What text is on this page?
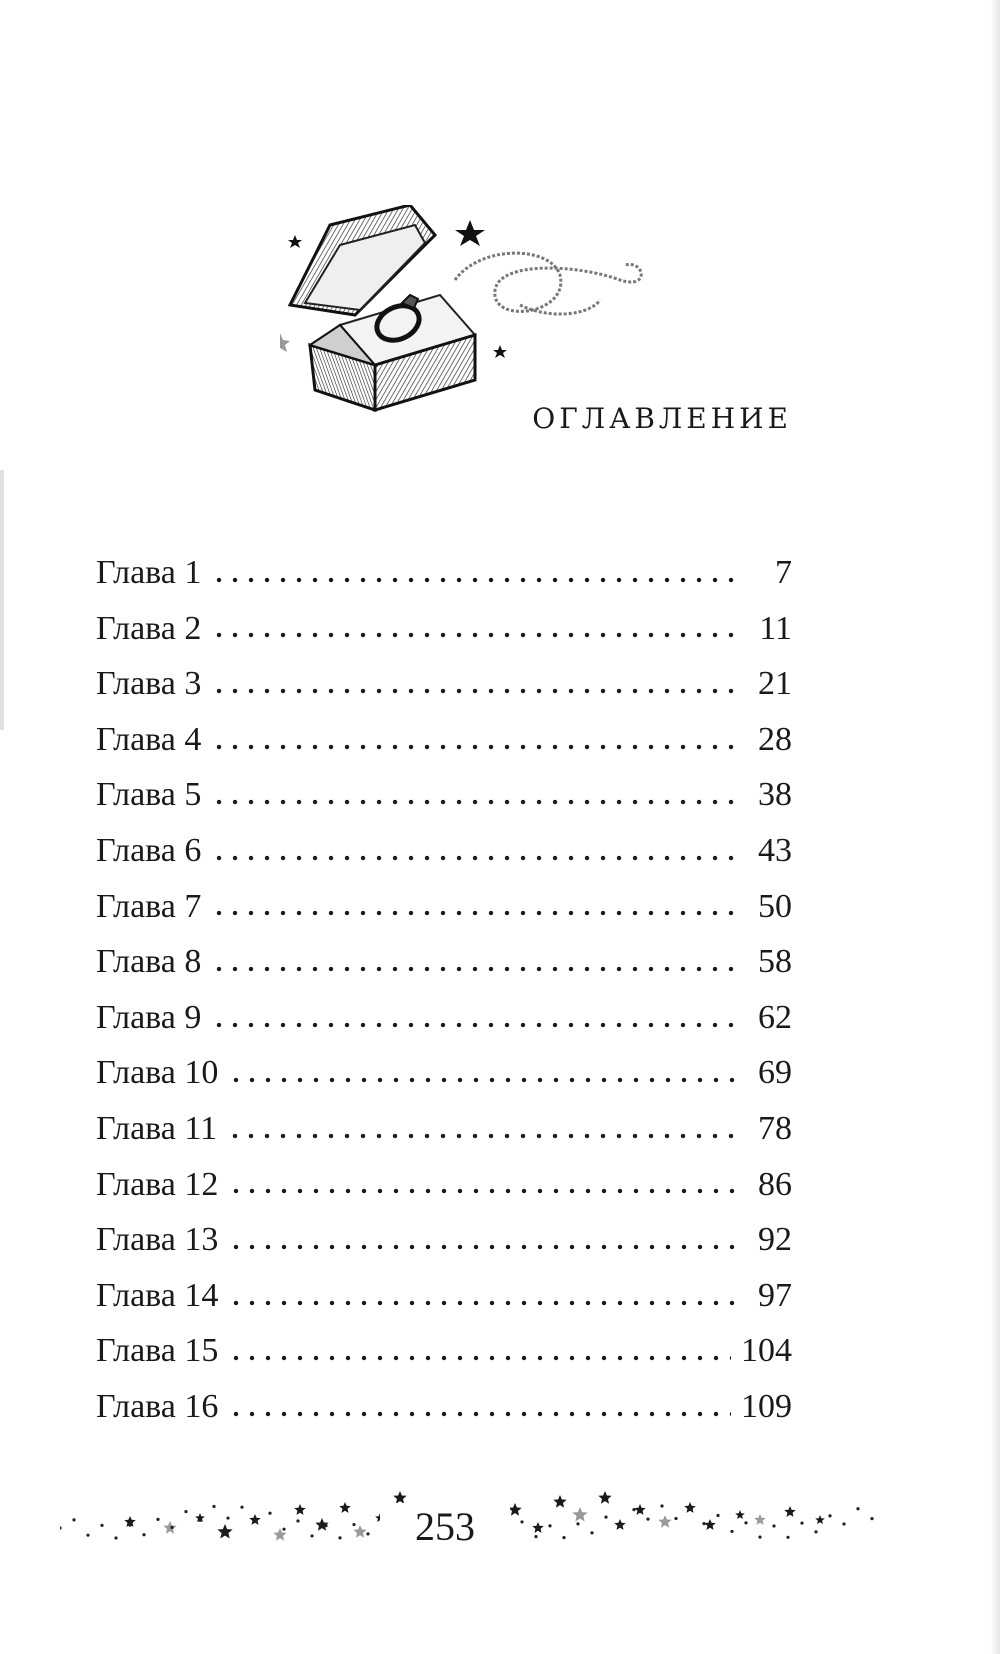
ОГЛАВЛЕНИЕ
Глава 1	7
Глава 2	11
Глава 3	21
Глава 4	28
Глава 5	38
Глава 6	43
Глава 7	50
Глава 8	58
Глава 9	62
Глава 10	69
Глава 11	78
Глава 12	86
Глава 13	92
Глава 14	97
Глава 15	104
Глава 16	109
253
